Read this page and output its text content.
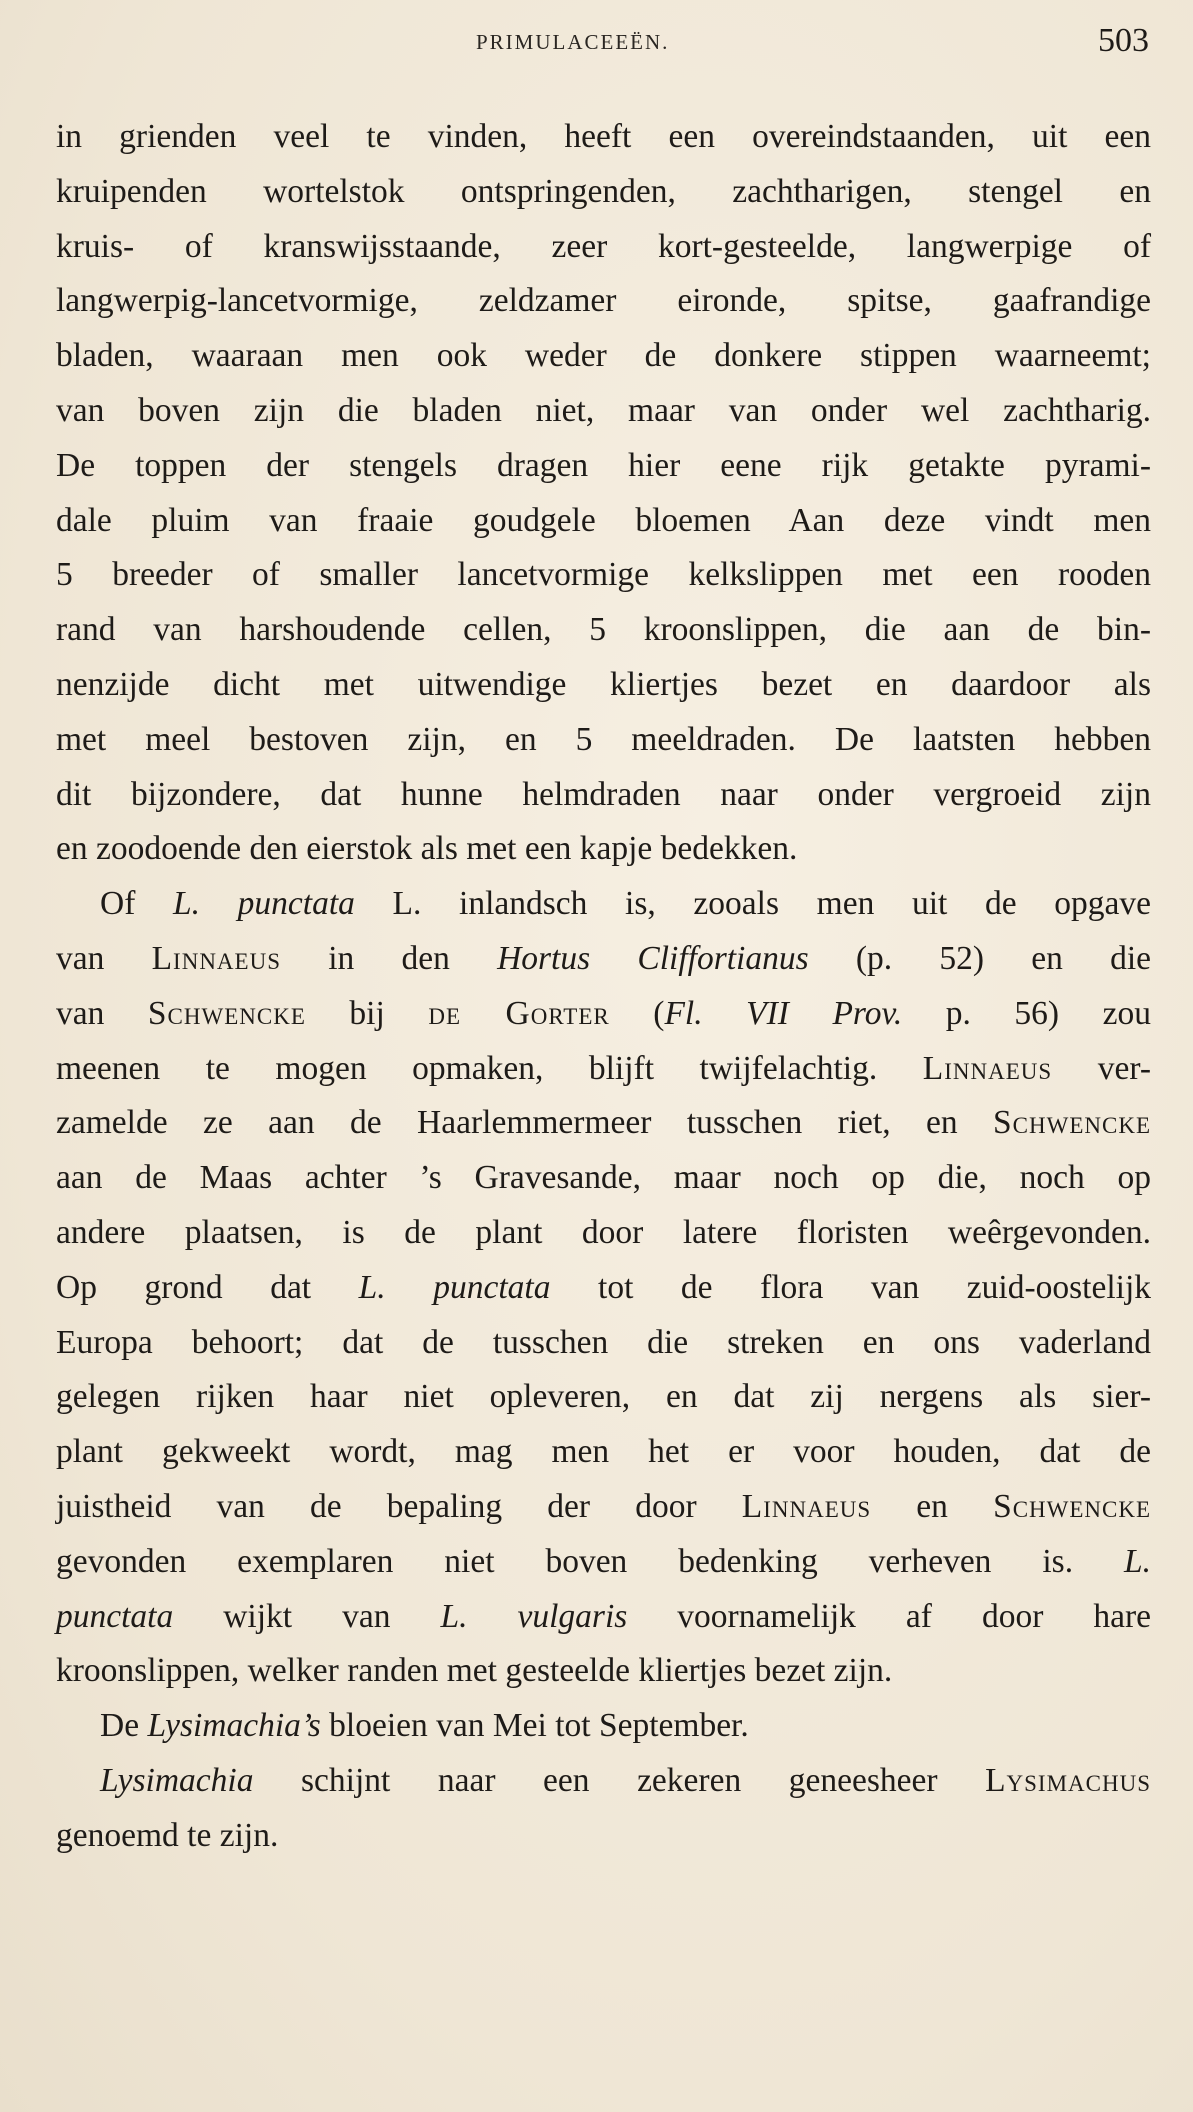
PRIMULACEEËN.	503
in grienden veel te vinden, heeft een overeindstaanden, uit een
kruipenden wortelstok ontspringenden, zachtharigen, stengel en
kruis- of kranswijsstaande, zeer kort-gesteelde, langwerpige of
langwerpig-lancetvormige, zeldzamer eironde, spitse, gaafrandige
bladen, waaraan men ook weder de donkere stippen waarneemt;
van boven zijn die bladen niet, maar van onder wel zachtharig.
De toppen der stengels dragen hier eene rijk getakte pyrami-
dale pluim van fraaie goudgele bloemen Aan deze vindt men
5 breeder of smaller lancetvormige kelkslippen met een rooden
rand van harshoudende cellen, 5 kroonslippen, die aan de bin-
nenzijde dicht met uitwendige kliertjes bezet en daardoor als
met meel bestoven zijn, en 5 meeldraden. De laatsten hebben
dit bijzondere, dat hunne helmdraden naar onder vergroeid zijn
en zoodoende den eierstok als met een kapje bedekken.
Of L. punctata L. inlandsch is, zooals men uit de opgave
van Linnaeus in den Hortus Cliffortianus (p. 52) en die
van Schwencke bij de Gorter (Fl. VII Prov. p. 56) zou
meenen te mogen opmaken, blijft twijfelachtig. Linnaeus ver-
zamelde ze aan de Haarlemmermeer tusschen riet, en Schwencke
aan de Maas achter ’s Gravesande, maar noch op die, noch op
andere plaatsen, is de plant door latere floristen weêrgevonden.
Op grond dat L. punctata tot de flora van zuid-oostelijk
Europa behoort; dat de tusschen die streken en ons vaderland
gelegen rijken haar niet opleveren, en dat zij nergens als sier-
plant gekweekt wordt, mag men het er voor houden, dat de
juistheid van de bepaling der door Linnaeus en Schwencke
gevonden exemplaren niet boven bedenking verheven is. L.
punctata wijkt van L. vulgaris voornamelijk af door hare
kroonslippen, welker randen met gesteelde kliertjes bezet zijn.
De Lysimachia’s bloeien van Mei tot September.
Lysimachia schijnt naar een zekeren geneesheer Lysimachus
genoemd te zijn.
